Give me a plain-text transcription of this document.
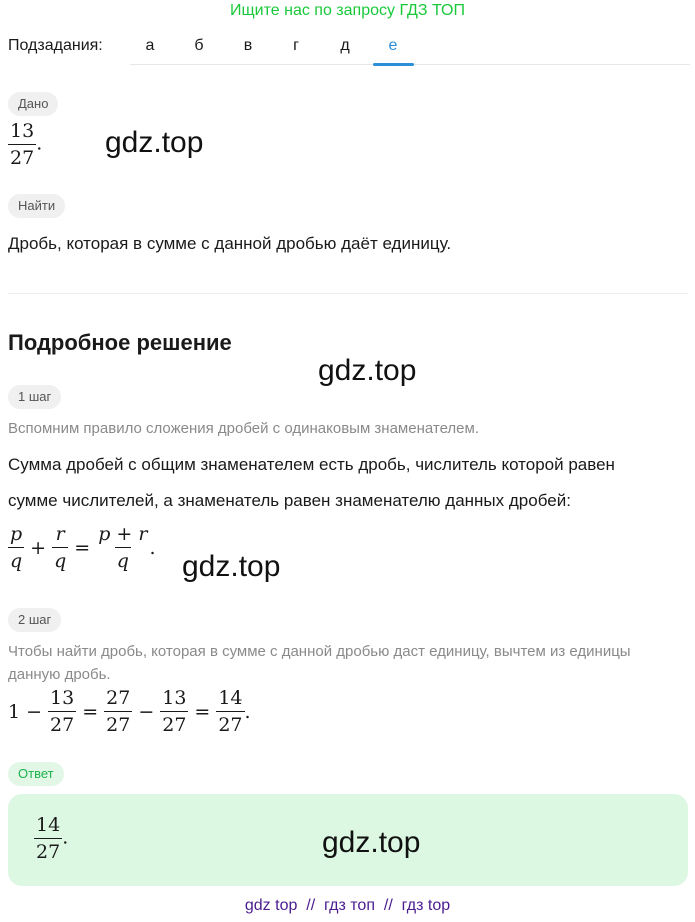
Ищите нас по запросу ГДЗ ТОП
Подзадания:	а	б	в	г	д	е
Дано
$\frac{13}{27}$ . gdz.top
Найти
Дробь, которая в сумме с данной дробью даёт единицу.
Подробное решение
gdz.top
1 шаг
Вспомним правило сложения дробей с одинаковым знаменателем.
Сумма дробей с общим знаменателем есть дробь, числитель которой равен
сумме числителей, а знаменатель равен знаменателю данных дробей:
$\frac{p}{q} + \frac{r}{q} = \frac{p + r}{q}$ .
gdz.top
2 шаг
Чтобы найти дробь, которая в сумме с данной дробью даст единицу, вычтем из единицы
данную дробь.
$1 - \frac{13}{27} = \frac{27}{27} - \frac{13}{27} = \frac{14}{27}$ .
Ответ
$\frac{14}{27}$ .	gdz.top
gdz top  //  гдз топ  //  гдз top
